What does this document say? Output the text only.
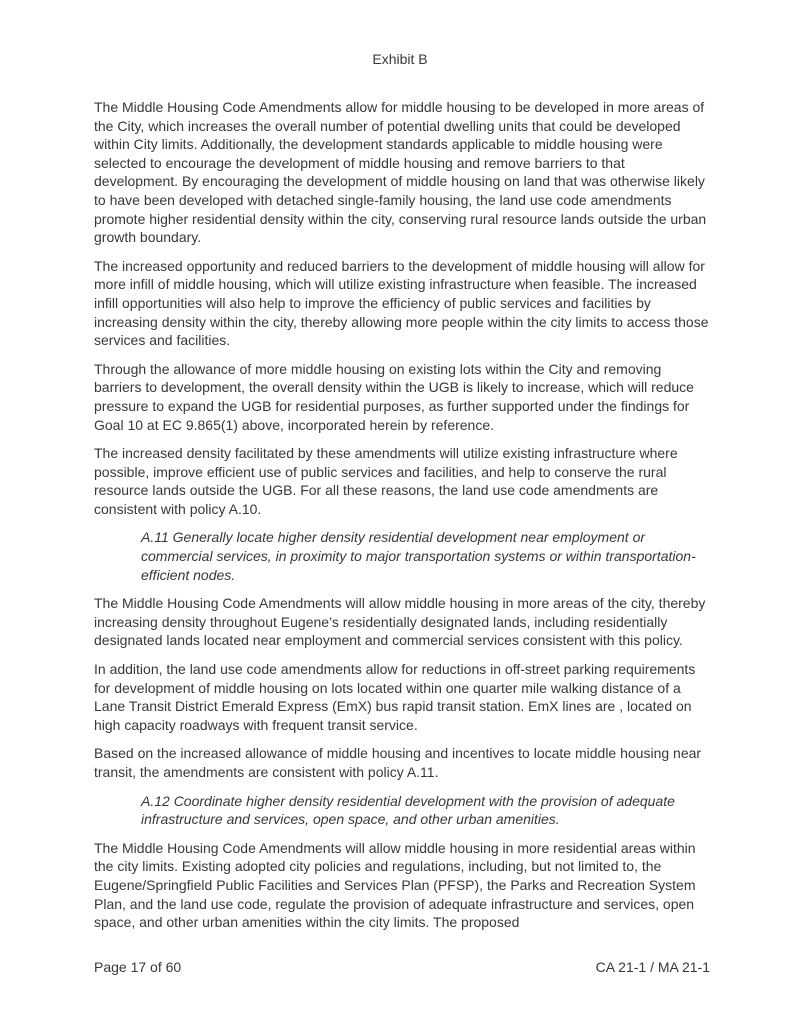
Exhibit B

The Middle Housing Code Amendments allow for middle housing to be developed in more areas of the City, which increases the overall number of potential dwelling units that could be developed within City limits. Additionally, the development standards applicable to middle housing were selected to encourage the development of middle housing and remove barriers to that development. By encouraging the development of middle housing on land that was otherwise likely to have been developed with detached single-family housing, the land use code amendments promote higher residential density within the city, conserving rural resource lands outside the urban growth boundary.

The increased opportunity and reduced barriers to the development of middle housing will allow for more infill of middle housing, which will utilize existing infrastructure when feasible. The increased infill opportunities will also help to improve the efficiency of public services and facilities by increasing density within the city, thereby allowing more people within the city limits to access those services and facilities.

Through the allowance of more middle housing on existing lots within the City and removing barriers to development, the overall density within the UGB is likely to increase, which will reduce pressure to expand the UGB for residential purposes, as further supported under the findings for Goal 10 at EC 9.865(1) above, incorporated herein by reference.

The increased density facilitated by these amendments will utilize existing infrastructure where possible, improve efficient use of public services and facilities, and help to conserve the rural resource lands outside the UGB. For all these reasons, the land use code amendments are consistent with policy A.10.

A.11 Generally locate higher density residential development near employment or commercial services, in proximity to major transportation systems or within transportation-efficient nodes.

The Middle Housing Code Amendments will allow middle housing in more areas of the city, thereby increasing density throughout Eugene’s residentially designated lands, including residentially designated lands located near employment and commercial services consistent with this policy.

In addition, the land use code amendments allow for reductions in off-street parking requirements for development of middle housing on lots located within one quarter mile walking distance of a Lane Transit District Emerald Express (EmX) bus rapid transit station. EmX lines are , located on high capacity roadways with frequent transit service.

Based on the increased allowance of middle housing and incentives to locate middle housing near transit, the amendments are consistent with policy A.11.

A.12 Coordinate higher density residential development with the provision of adequate infrastructure and services, open space, and other urban amenities.

The Middle Housing Code Amendments will allow middle housing in more residential areas within the city limits. Existing adopted city policies and regulations, including, but not limited to, the Eugene/Springfield Public Facilities and Services Plan (PFSP), the Parks and Recreation System Plan, and the land use code, regulate the provision of adequate infrastructure and services, open space, and other urban amenities within the city limits. The proposed

Page 17 of 60	CA 21-1 / MA 21-1
